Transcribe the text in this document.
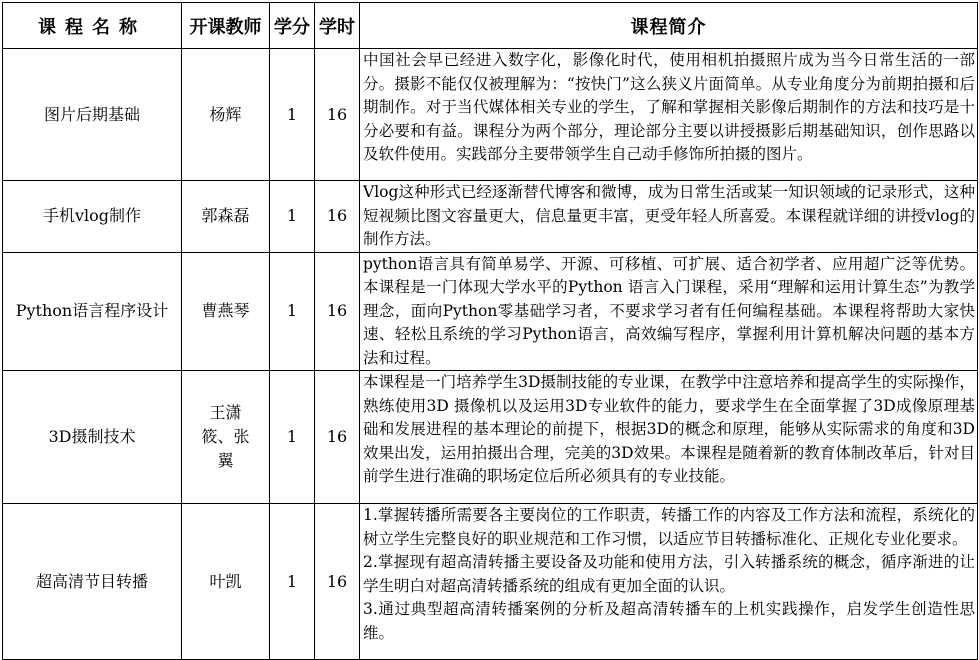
课程名称	开课教师	学分	学时	课程简介
图片后期基础	杨辉	1	16	中国社会早已经进入数字化，影像化时代，使用相机拍摄照片成为当今日常生活的一部分。摄影不能仅仅被理解为：“按快门”这么狭义片面简单。从专业角度分为前期拍摄和后期制作。对于当代媒体相关专业的学生，了解和掌握相关影像后期制作的方法和技巧是十分必要和有益。课程分为两个部分，理论部分主要以讲授摄影后期基础知识，创作思路以及软件使用。实践部分主要带领学生自己动手修饰所拍摄的图片。

手机vlog制作	郭森磊	1	16	Vlog这种形式已经逐渐替代博客和微博，成为日常生活或某一知识领域的记录形式，这种短视频比图文容量更大，信息量更丰富，更受年轻人所喜爱。本课程就详细的讲授vlog的制作方法。

Python语言程序设计	曹燕琴	1	16	python语言具有简单易学、开源、可移植、可扩展、适合初学者、应用超广泛等优势。本课程是一门体现大学水平的Python 语言入门课程，采用“理解和运用计算生态”为教学理念，面向Python零基础学习者，不要求学习者有任何编程基础。本课程将帮助大家快速、轻松且系统的学习Python语言，高效编写程序，掌握利用计算机解决问题的基本方法和过程。

3D摄制技术	王潇筱、张翼	1	16	本课程是一门培养学生3D摄制技能的专业课，在教学中注意培养和提高学生的实际操作，熟练使用3D 摄像机以及运用3D专业软件的能力，要求学生在全面掌握了3D成像原理基础和发展进程的基本理论的前提下，根据3D的概念和原理，能够从实际需求的角度和3D效果出发，运用拍摄出合理，完美的3D效果。本课程是随着新的教育体制改革后，针对目前学生进行准确的职场定位后所必须具有的专业技能。

超高清节目转播	叶凯	1	16	1.掌握转播所需要各主要岗位的工作职责，转播工作的内容及工作方法和流程，系统化的树立学生完整良好的职业规范和工作习惯，以适应节目转播标准化、正规化专业化要求。

2.掌握现有超高清转播主要设备及功能和使用方法，引入转播系统的概念，循序渐进的让学生明白对超高清转播系统的组成有更加全面的认识。

3.通过典型超高清转播案例的分析及超高清转播车的上机实践操作，启发学生创造性思维。
